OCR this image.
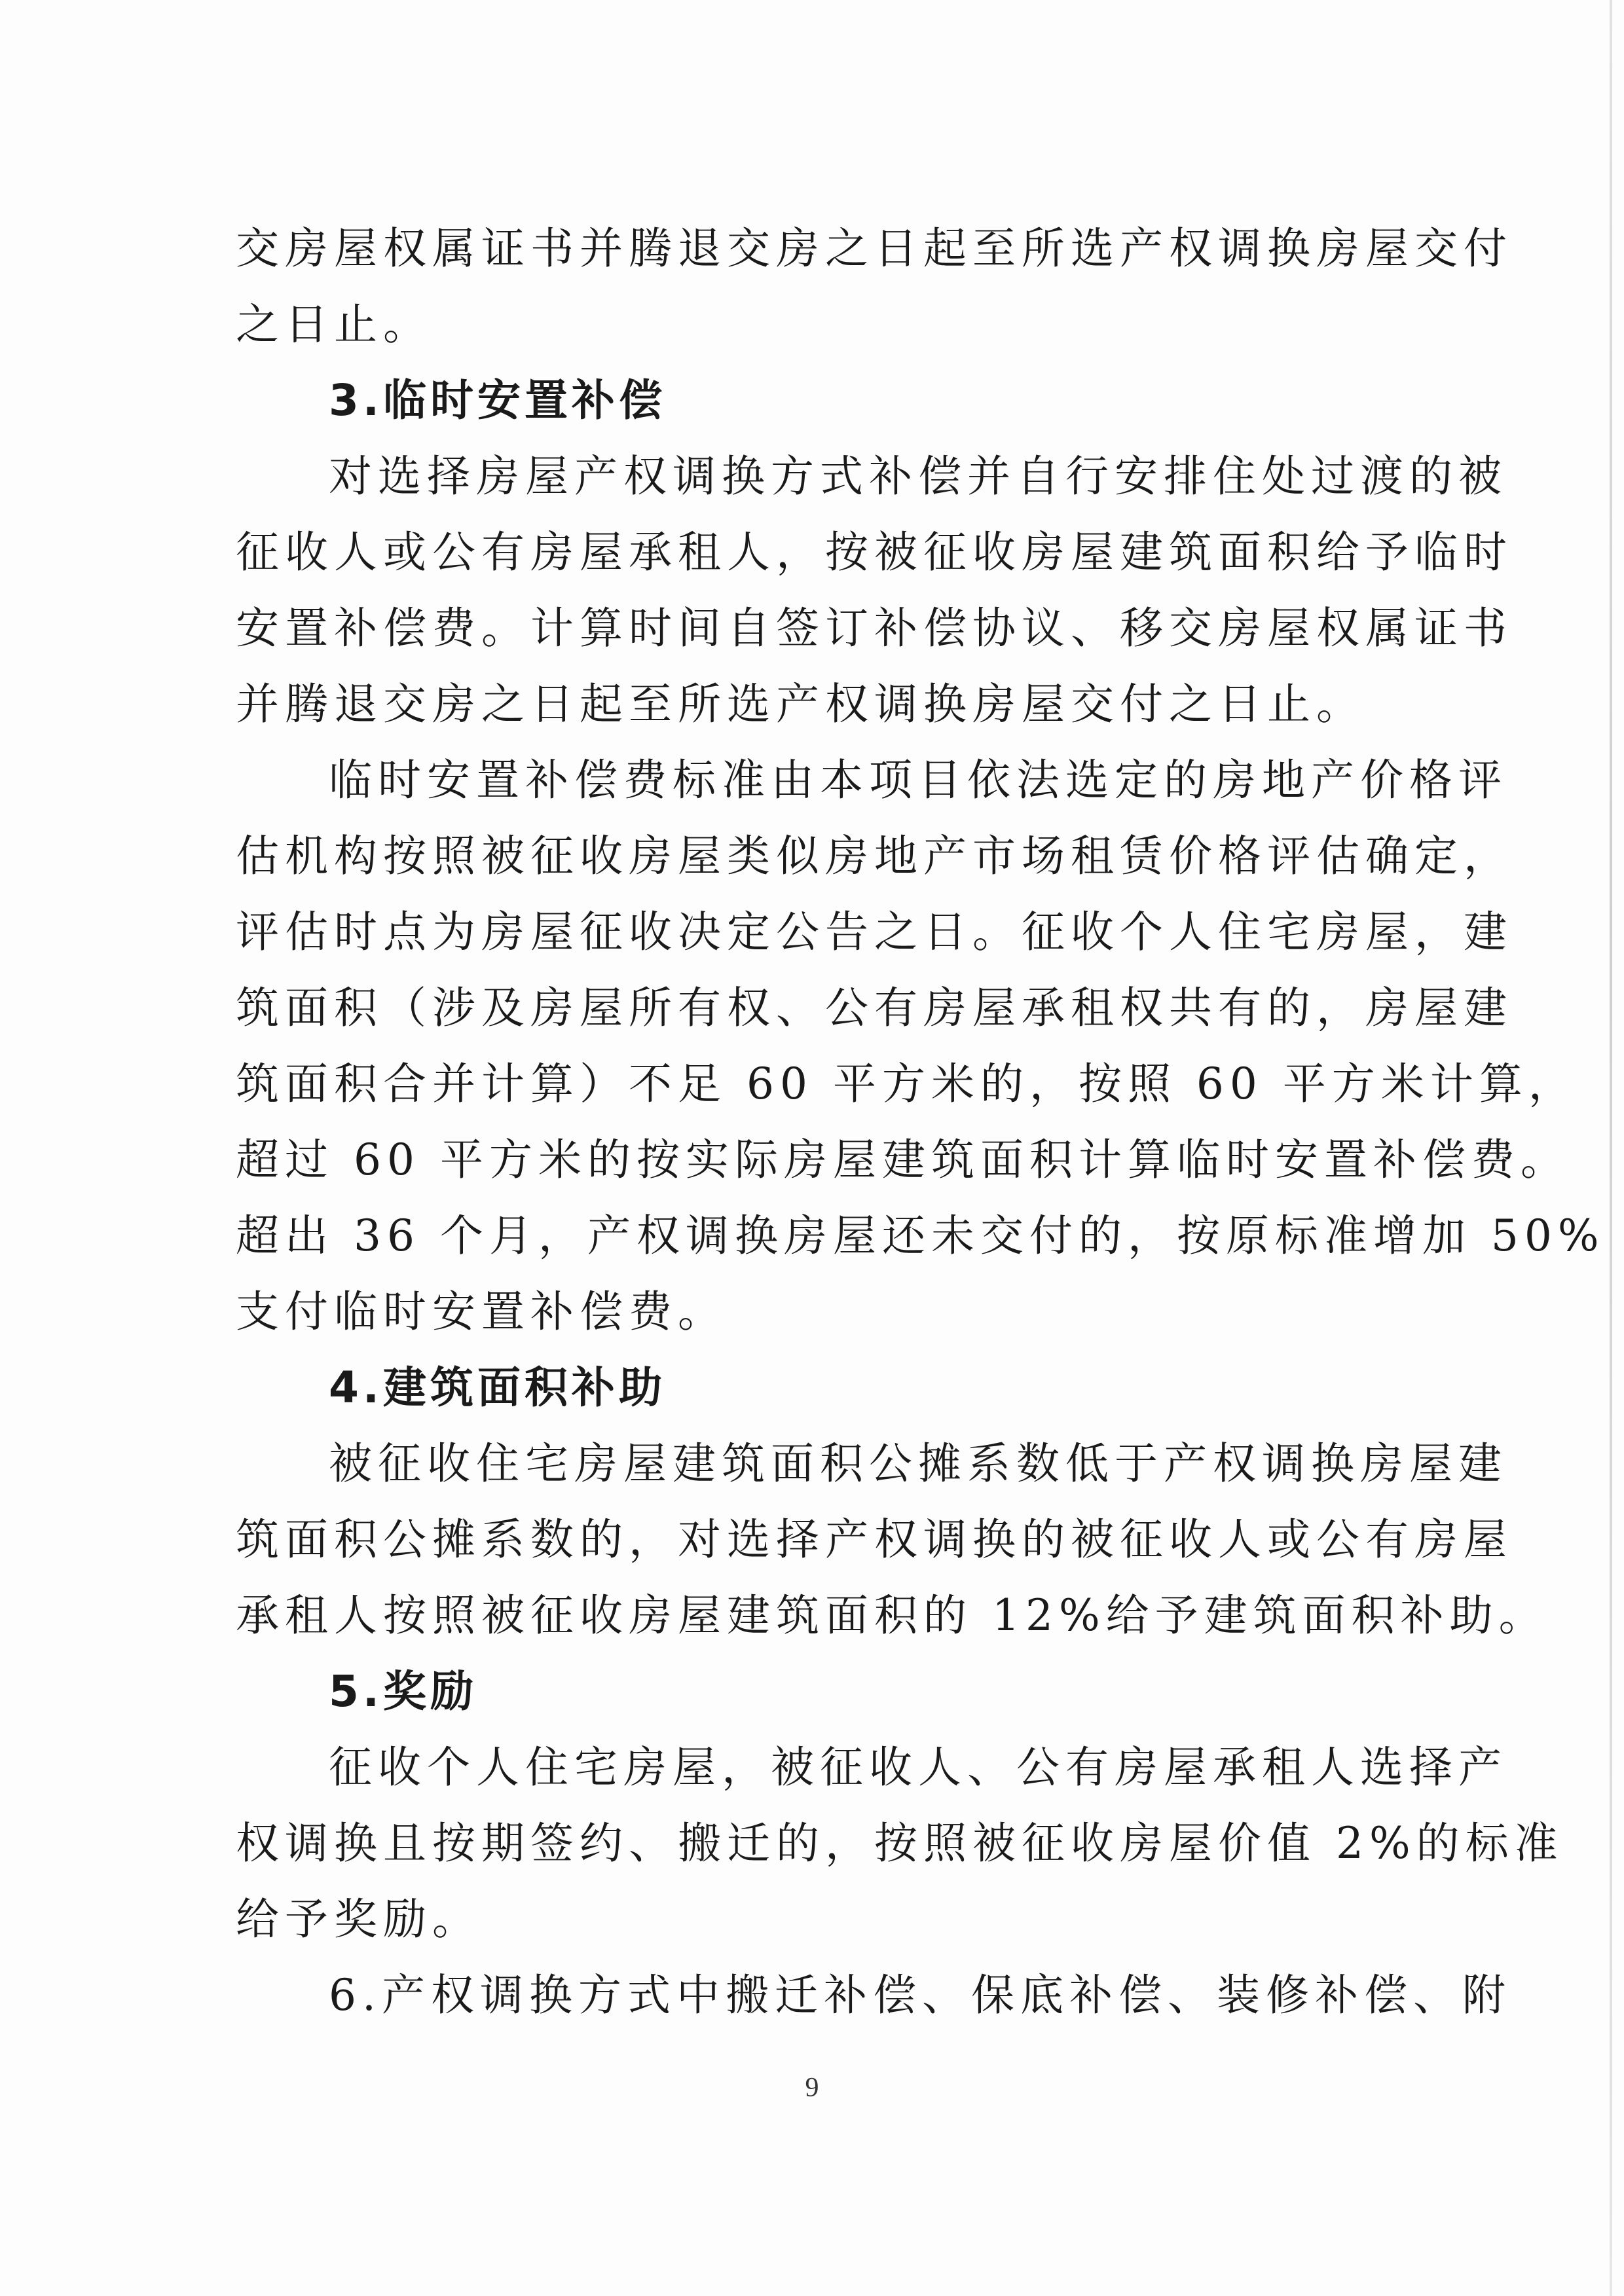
交房屋权属证书并腾退交房之日起至所选产权调换房屋交付
之日止。
3.临时安置补偿
对选择房屋产权调换方式补偿并自行安排住处过渡的被
征收人或公有房屋承租人，按被征收房屋建筑面积给予临时
安置补偿费。计算时间自签订补偿协议、移交房屋权属证书
并腾退交房之日起至所选产权调换房屋交付之日止。
临时安置补偿费标准由本项目依法选定的房地产价格评
估机构按照被征收房屋类似房地产市场租赁价格评估确定，
评估时点为房屋征收决定公告之日。征收个人住宅房屋，建
筑面积（涉及房屋所有权、公有房屋承租权共有的，房屋建
筑面积合并计算）不足 60 平方米的，按照 60 平方米计算，
超过 60 平方米的按实际房屋建筑面积计算临时安置补偿费。
超出 36 个月，产权调换房屋还未交付的，按原标准增加 50%
支付临时安置补偿费。
4.建筑面积补助
被征收住宅房屋建筑面积公摊系数低于产权调换房屋建
筑面积公摊系数的，对选择产权调换的被征收人或公有房屋
承租人按照被征收房屋建筑面积的 12%给予建筑面积补助。
5.奖励
征收个人住宅房屋，被征收人、公有房屋承租人选择产
权调换且按期签约、搬迁的，按照被征收房屋价值 2%的标准
给予奖励。
6.产权调换方式中搬迁补偿、保底补偿、装修补偿、附
9
